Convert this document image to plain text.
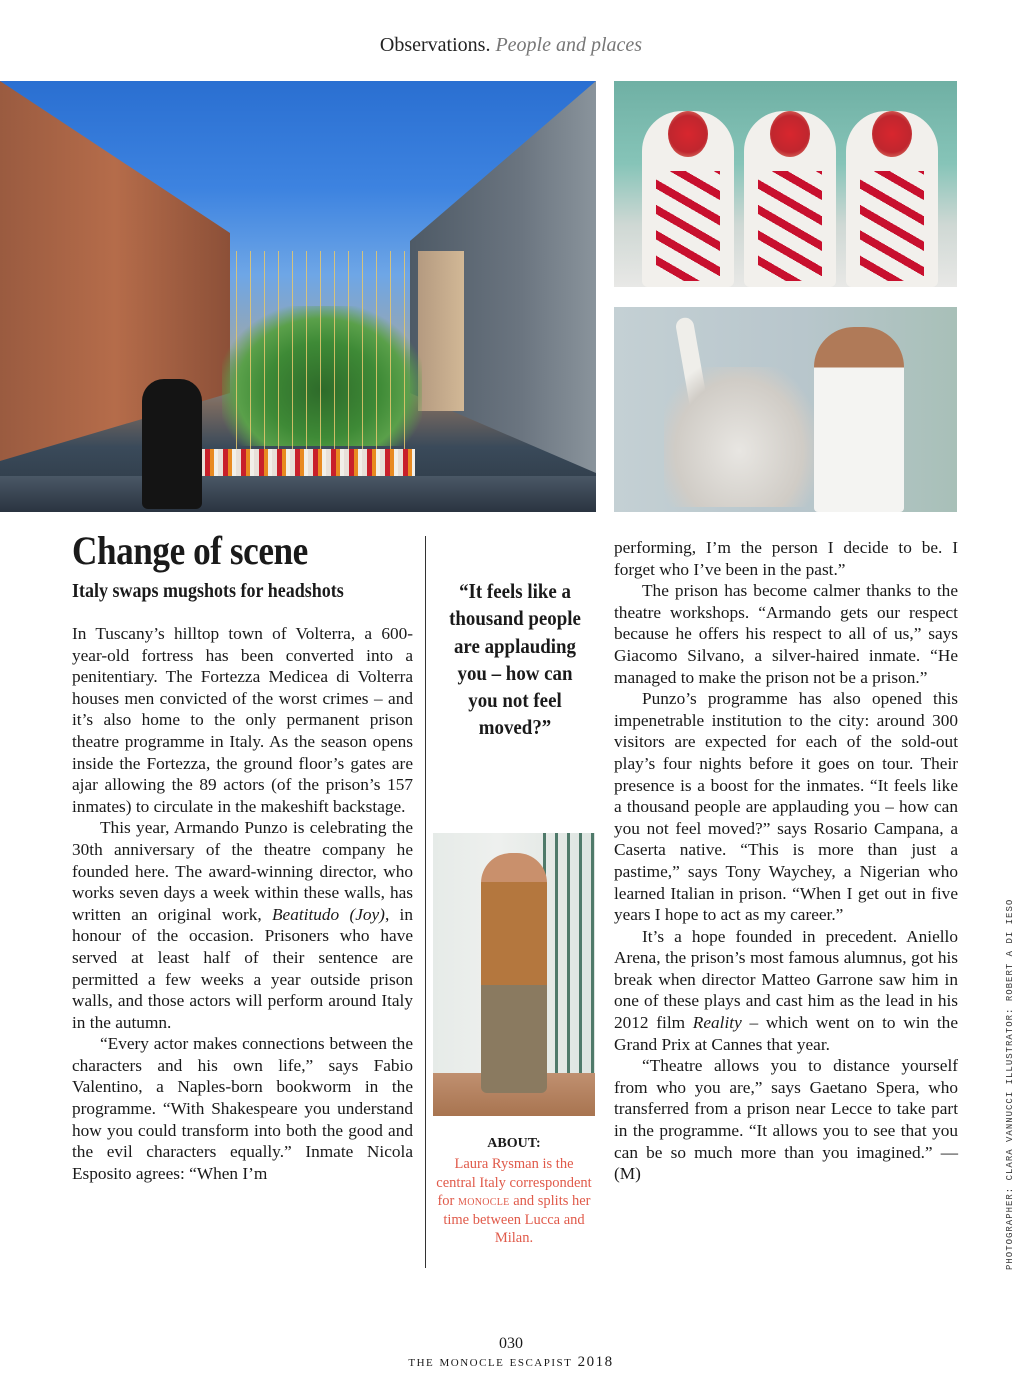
Observations. People and places
Change of scene
Italy swaps mugshots for headshots

In Tuscany’s hilltop town of Volterra, a 600-year-old fortress has been converted into a penitentiary. The Fortezza Medicea di Volterra houses men convicted of the worst crimes – and it’s also home to the only permanent prison theatre programme in Italy. As the season opens inside the Fortezza, the ground floor’s gates are ajar allowing the 89 actors (of the prison’s 157 inmates) to circulate in the makeshift backstage.

This year, Armando Punzo is celebrating the 30th anniversary of the theatre company he founded here. The award-winning director, who works seven days a week within these walls, has written an original work, Beatitudo (Joy), in honour of the occasion. Prisoners who have served at least half of their sentence are permitted a few weeks a year outside prison walls, and those actors will perform around Italy in the autumn.

“Every actor makes connections between the characters and his own life,” says Fabio Valentino, a Naples-born bookworm in the programme. “With Shakespeare you understand how you could transform into both the good and the evil characters equally.” Inmate Nicola Esposito agrees: “When I’m

“It feels like a thousand people are applauding you – how can you not feel moved?”
ABOUT:
Laura Rysman is the central Italy correspondent for monocle and splits her time between Lucca and Milan.

performing, I’m the person I decide to be. I forget who I’ve been in the past.”

The prison has become calmer thanks to the theatre workshops. “Armando gets our respect because he offers his respect to all of us,” says Giacomo Silvano, a silver-haired inmate. “He managed to make the prison not be a prison.”

Punzo’s programme has also opened this impenetrable institution to the city: around 300 visitors are expected for each of the sold-out play’s four nights before it goes on tour. Their presence is a boost for the inmates. “It feels like a thousand people are applauding you – how can you not feel moved?” says Rosario Campana, a Caserta native. “This is more than just a pastime,” says Tony Waychey, a Nigerian who learned Italian in prison. “When I get out in five years I hope to act as my career.”

It’s a hope founded in precedent. Aniello Arena, the prison’s most famous alumnus, got his break when director Matteo Garrone saw him in one of these plays and cast him as the lead in his 2012 film Reality – which went on to win the Grand Prix at Cannes that year.

“Theatre allows you to distance yourself from who you are,” says Gaetano Spera, who transferred from a prison near Lecce to take part in the programme. “It allows you to see that you can be so much more than you imagined.” — (M)	PHOTOGRAPHER: CLARA VANNUCCI ILLUSTRATOR: ROBERT A DI IESO
030
the monocle escapist 2018
